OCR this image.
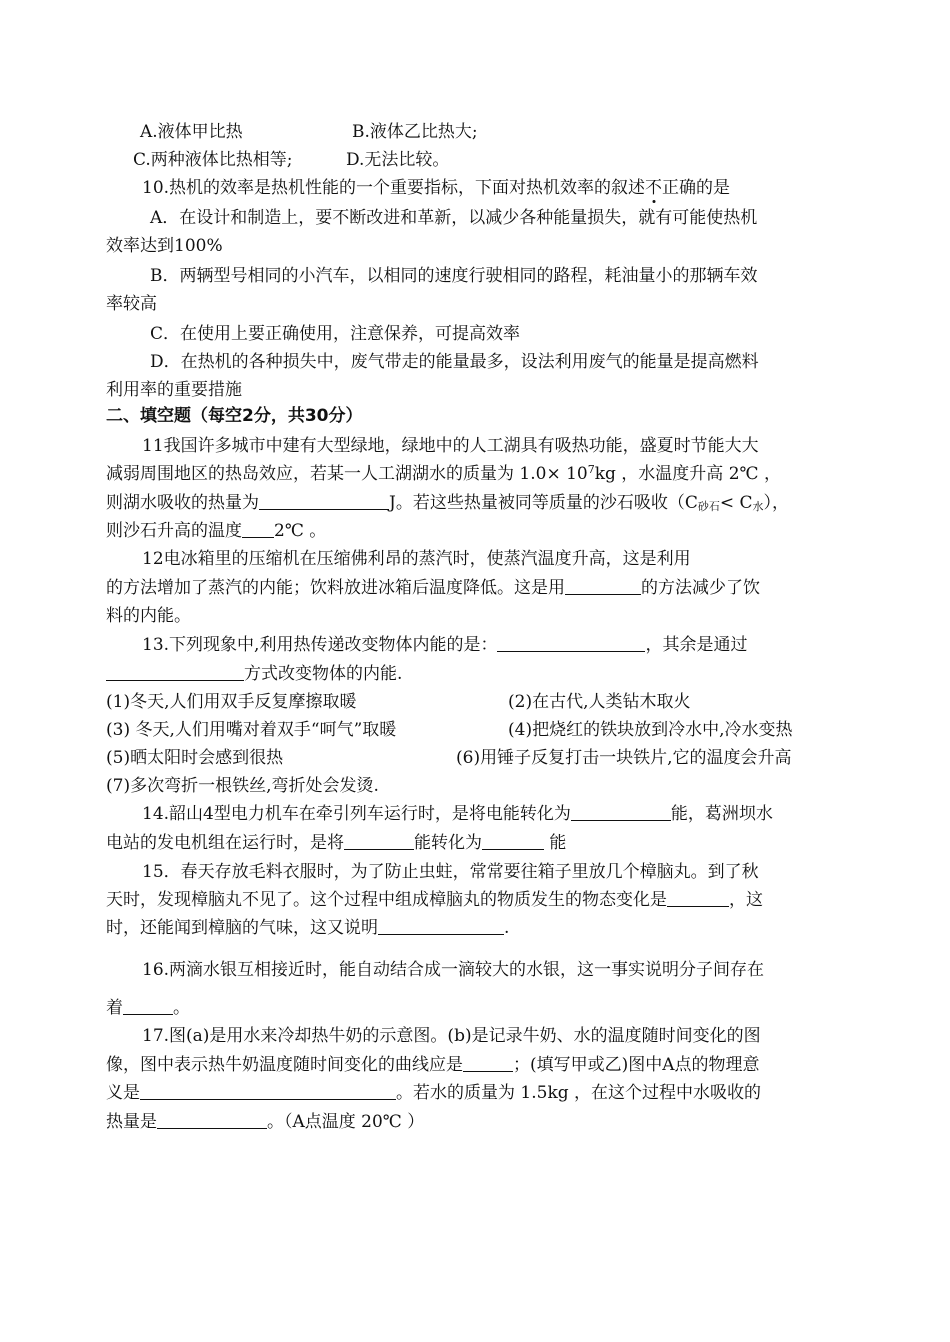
A.液体甲比热	B.液体乙比热大;
C.两种液体比热相等;	D.无法比较。
10.热机的效率是热机性能的一个重要指标，下面对热机效率的叙述不正确的是
A．在设计和制造上，要不断改进和革新，以减少各种能量损失，就有可能使热机
效率达到100%
B．两辆型号相同的小汽车，以相同的速度行驶相同的路程，耗油量小的那辆车效
率较高
C．在使用上要正确使用，注意保养，可提高效率
D．在热机的各种损失中，废气带走的能量最多，设法利用废气的能量是提高燃料
利用率的重要措施
二、填空题（每空2分，共30分）
11我国许多城市中建有大型绿地，绿地中的人工湖具有吸热功能，盛夏时节能大大
减弱周围地区的热岛效应，若某一人工湖湖水的质量为 $1.0\times 10^7kg$ ，水温度升高 2℃ ，
则湖水吸收的热量为	J。若这些热量被同等质量的沙石吸收$(C_{砂石}< C_水)$，
则沙石升高的温度 2℃ 。
12电冰箱里的压缩机在压缩佛利昂的蒸汽时，使蒸汽温度升高，这是利用
的方法增加了蒸汽的内能；饮料放进冰箱后温度降低。这是用	的方法减少了饮
料的内能。
13.下列现象中,利用热传递改变物体内能的是：	，其余是通过
方式改变物体的内能.
(1)冬天,人们用双手反复摩擦取暖	(2)在古代,人类钻木取火
(3) 冬天,人们用嘴对着双手“呵气”取暖	(4)把烧红的铁块放到冷水中,冷水变热
(5)晒太阳时会感到很热	(6)用锤子反复打击一块铁片,它的温度会升高
(7)多次弯折一根铁丝,弯折处会发烫.
14.韶山4型电力机车在牵引列车运行时，是将电能转化为	能，葛洲坝水
电站的发电机组在运行时，是将	能转化为	能
15．春天存放毛料衣服时，为了防止虫蛀，常常要往箱子里放几个樟脑丸。到了秋
天时，发现樟脑丸不见了。这个过程中组成樟脑丸的物质发生的物态变化是	，这
时，还能闻到樟脑的气味，这又说明	.
16.两滴水银互相接近时，能自动结合成一滴较大的水银，这一事实说明分子间存在
着	。
17.图(a)是用水来冷却热牛奶的示意图。(b)是记录牛奶、水的温度随时间变化的图
像，图中表示热牛奶温度随时间变化的曲线应是	；(填写甲或乙)图中A点的物理意
义是	。若水的质量为 1.5kg ，在这个过程中水吸收的
热量是	。（A点温度 20℃ ）
